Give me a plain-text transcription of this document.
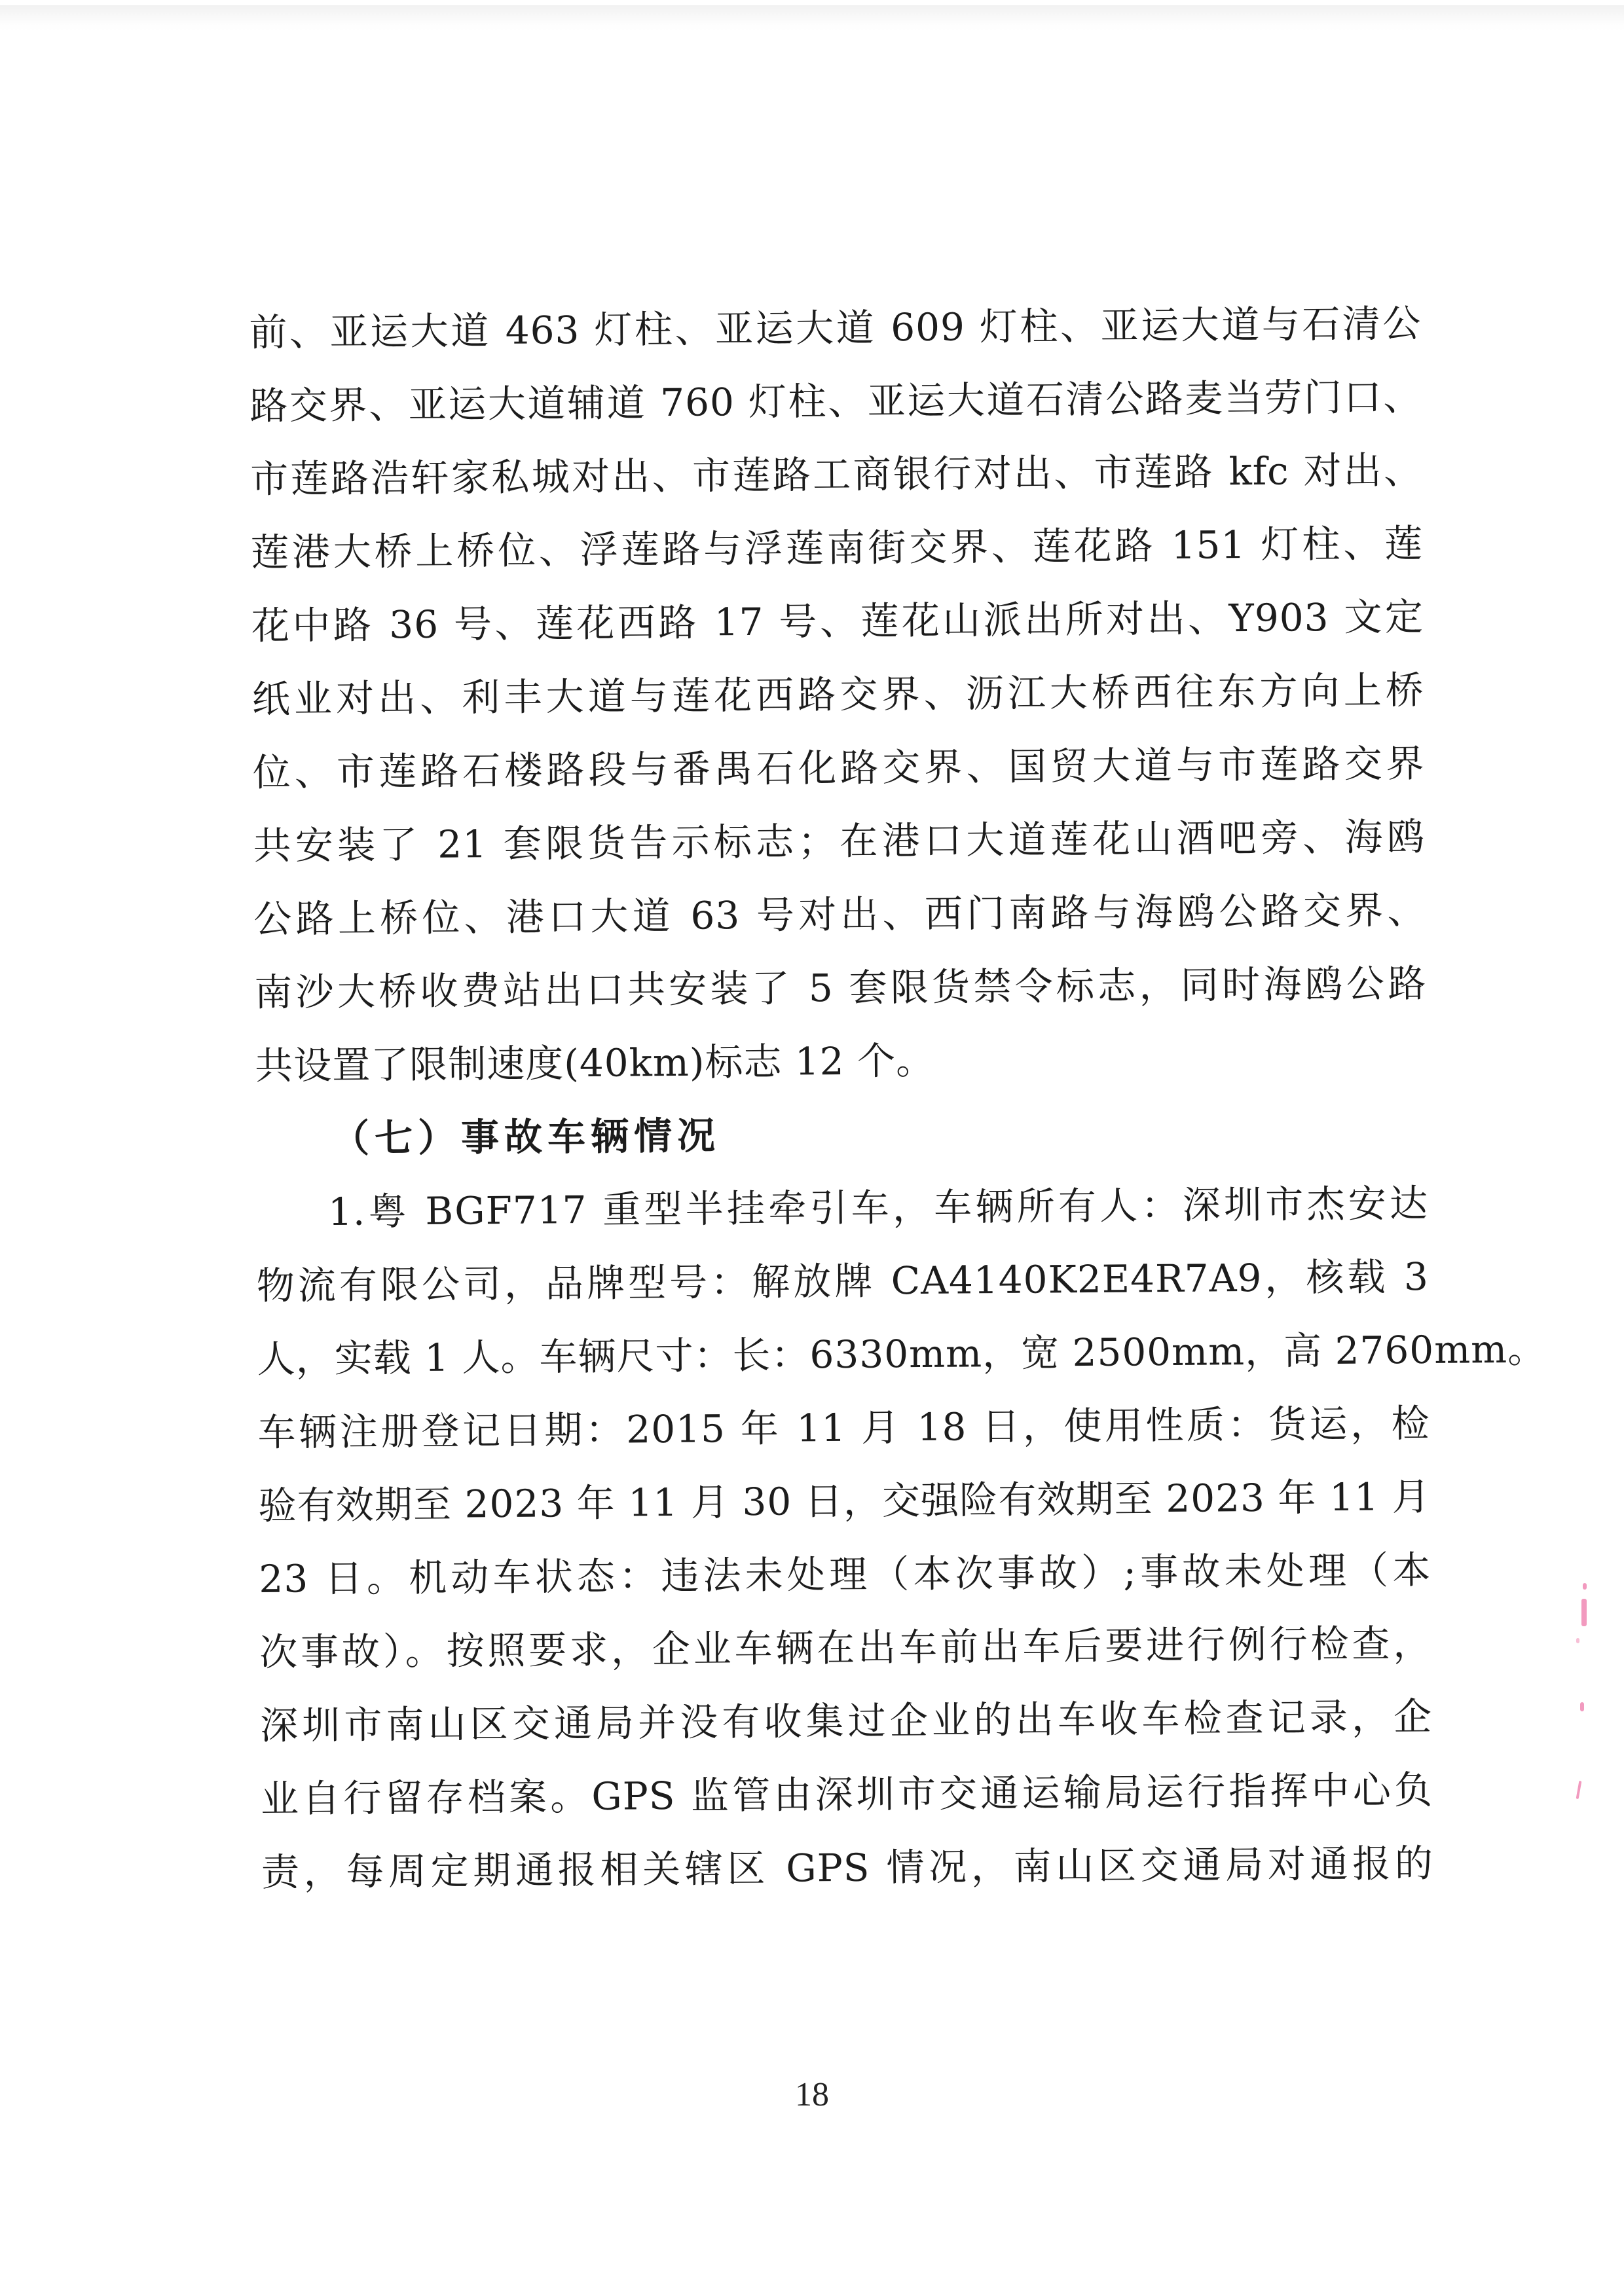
前、亚运大道 463 灯柱、亚运大道 609 灯柱、亚运大道与石清公
路交界、亚运大道辅道 760 灯柱、亚运大道石清公路麦当劳门口、
市莲路浩轩家私城对出、市莲路工商银行对出、市莲路 kfc 对出、
莲港大桥上桥位、浮莲路与浮莲南街交界、莲花路 151 灯柱、莲
花中路 36 号、莲花西路 17 号、莲花山派出所对出、Y903 文定
纸业对出、利丰大道与莲花西路交界、沥江大桥西往东方向上桥
位、市莲路石楼路段与番禺石化路交界、国贸大道与市莲路交界
共安装了 21 套限货告示标志；在港口大道莲花山酒吧旁、海鸥
公路上桥位、港口大道 63 号对出、西门南路与海鸥公路交界、
南沙大桥收费站出口共安装了 5 套限货禁令标志，同时海鸥公路
共设置了限制速度(40km)标志 12 个。
（七）事故车辆情况
1.粤 BGF717 重型半挂牵引车，车辆所有人：深圳市杰安达
物流有限公司，品牌型号：解放牌 CA4140K2E4R7A9，核载 3
人，实载 1 人。车辆尺寸：长：6330mm，宽 2500mm，高 2760mm。
车辆注册登记日期：2015 年 11 月 18 日，使用性质：货运，检
验有效期至 2023 年 11 月 30 日，交强险有效期至 2023 年 11 月
23 日。机动车状态：违法未处理（本次事故）;事故未处理（本
次事故）。按照要求，企业车辆在出车前出车后要进行例行检查，
深圳市南山区交通局并没有收集过企业的出车收车检查记录，企
业自行留存档案。GPS 监管由深圳市交通运输局运行指挥中心负
责，每周定期通报相关辖区 GPS 情况，南山区交通局对通报的
18
